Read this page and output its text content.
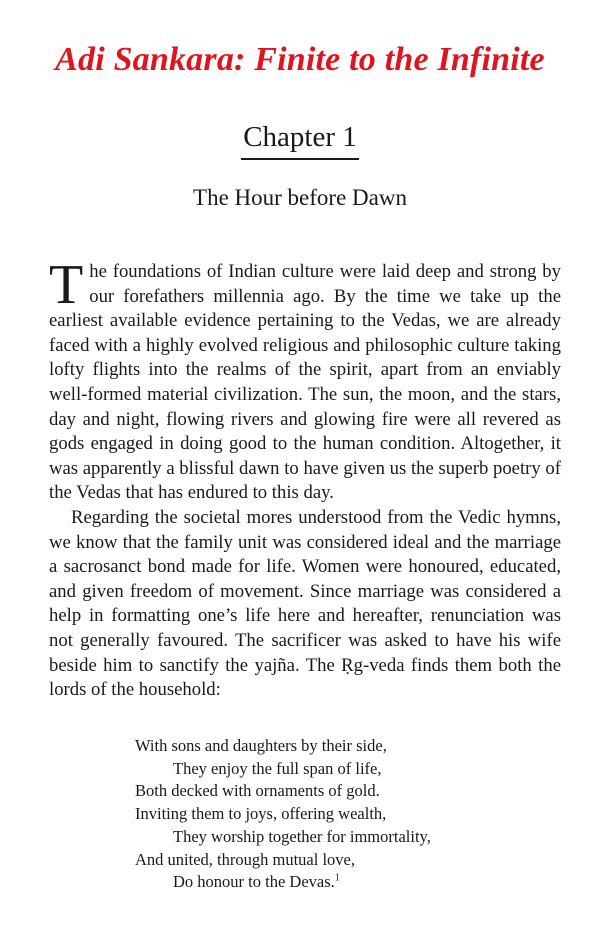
Adi Sankara: Finite to the Infinite
Chapter 1
The Hour before Dawn

The foundations of Indian culture were laid deep and strong by our forefathers millennia ago. By the time we take up the earliest available evidence pertaining to the Vedas, we are already faced with a highly evolved religious and philosophic culture taking lofty flights into the realms of the spirit, apart from an enviably well-formed material civilization. The sun, the moon, and the stars, day and night, flowing rivers and glowing fire were all revered as gods engaged in doing good to the human condition. Altogether, it was apparently a blissful dawn to have given us the superb poetry of the Vedas that has endured to this day.

Regarding the societal mores understood from the Vedic hymns, we know that the family unit was considered ideal and the marriage a sacrosanct bond made for life. Women were honoured, educated, and given freedom of movement. Since marriage was considered a help in formatting one’s life here and hereafter, renunciation was not generally favoured. The sacrificer was asked to have his wife beside him to sanctify the yajña. The Ṛg-veda finds them both the lords of the household:

With sons and daughters by their side,
They enjoy the full span of life,
Both decked with ornaments of gold.
Inviting them to joys, offering wealth,
They worship together for immortality,
And united, through mutual love,
Do honour to the Devas.$^1$
